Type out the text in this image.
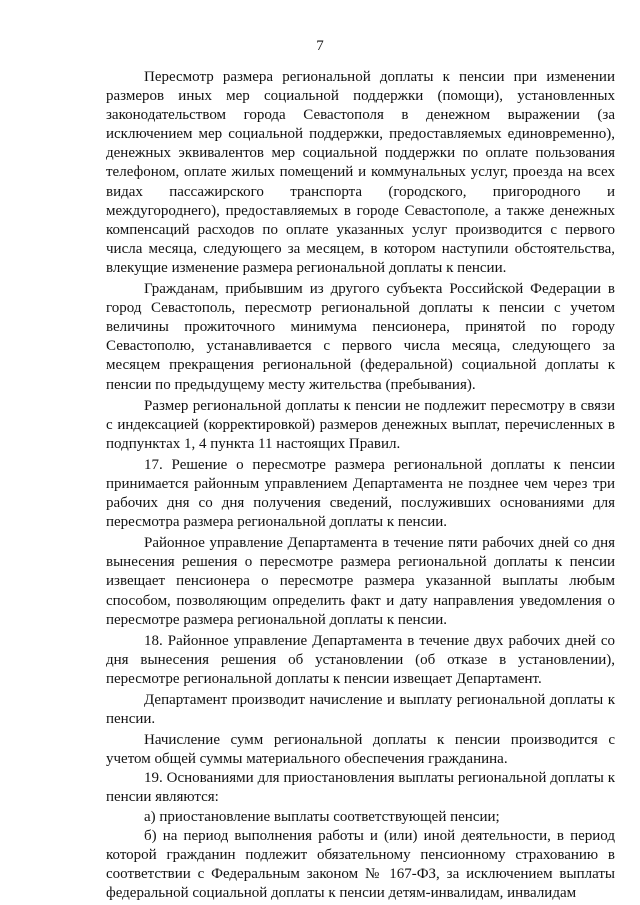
7

Пересмотр размера региональной доплаты к пенсии при изменении размеров иных мер социальной поддержки (помощи), установленных законодательством города Севастополя в денежном выражении (за исключением мер социальной поддержки, предоставляемых единовременно), денежных эквивалентов мер социальной поддержки по оплате пользования телефоном, оплате жилых помещений и коммунальных услуг, проезда на всех видах пассажирского транспорта (городского, пригородного и междугороднего), предоставляемых в городе Севастополе, а также денежных компенсаций расходов по оплате указанных услуг производится с первого числа месяца, следующего за месяцем, в котором наступили обстоятельства, влекущие изменение размера региональной доплаты к пенсии.

Гражданам, прибывшим из другого субъекта Российской Федерации в город Севастополь, пересмотр региональной доплаты к пенсии с учетом величины прожиточного минимума пенсионера, принятой по городу Севастополю, устанавливается с первого числа месяца, следующего за месяцем прекращения региональной (федеральной) социальной доплаты к пенсии по предыдущему месту жительства (пребывания).

Размер региональной доплаты к пенсии не подлежит пересмотру в связи с индексацией (корректировкой) размеров денежных выплат, перечисленных в подпунктах 1, 4 пункта 11 настоящих Правил.

17. Решение о пересмотре размера региональной доплаты к пенсии принимается районным управлением Департамента не позднее чем через три рабочих дня со дня получения сведений, послуживших основаниями для пересмотра размера региональной доплаты к пенсии.

Районное управление Департамента в течение пяти рабочих дней со дня вынесения решения о пересмотре размера региональной доплаты к пенсии извещает пенсионера о пересмотре размера указанной выплаты любым способом, позволяющим определить факт и дату направления уведомления о пересмотре размера региональной доплаты к пенсии.

18. Районное управление Департамента в течение двух рабочих дней со дня вынесения решения об установлении (об отказе в установлении), пересмотре региональной доплаты к пенсии извещает Департамент.

Департамент производит начисление и выплату региональной доплаты к пенсии.

Начисление сумм региональной доплаты к пенсии производится с учетом общей суммы материального обеспечения гражданина.

19. Основаниями для приостановления выплаты региональной доплаты к пенсии являются:

а) приостановление выплаты соответствующей пенсии;

б) на период выполнения работы и (или) иной деятельности, в период которой гражданин подлежит обязательному пенсионному страхованию в соответствии с Федеральным законом № 167-ФЗ, за исключением выплаты федеральной социальной доплаты к пенсии детям-инвалидам, инвалидам
